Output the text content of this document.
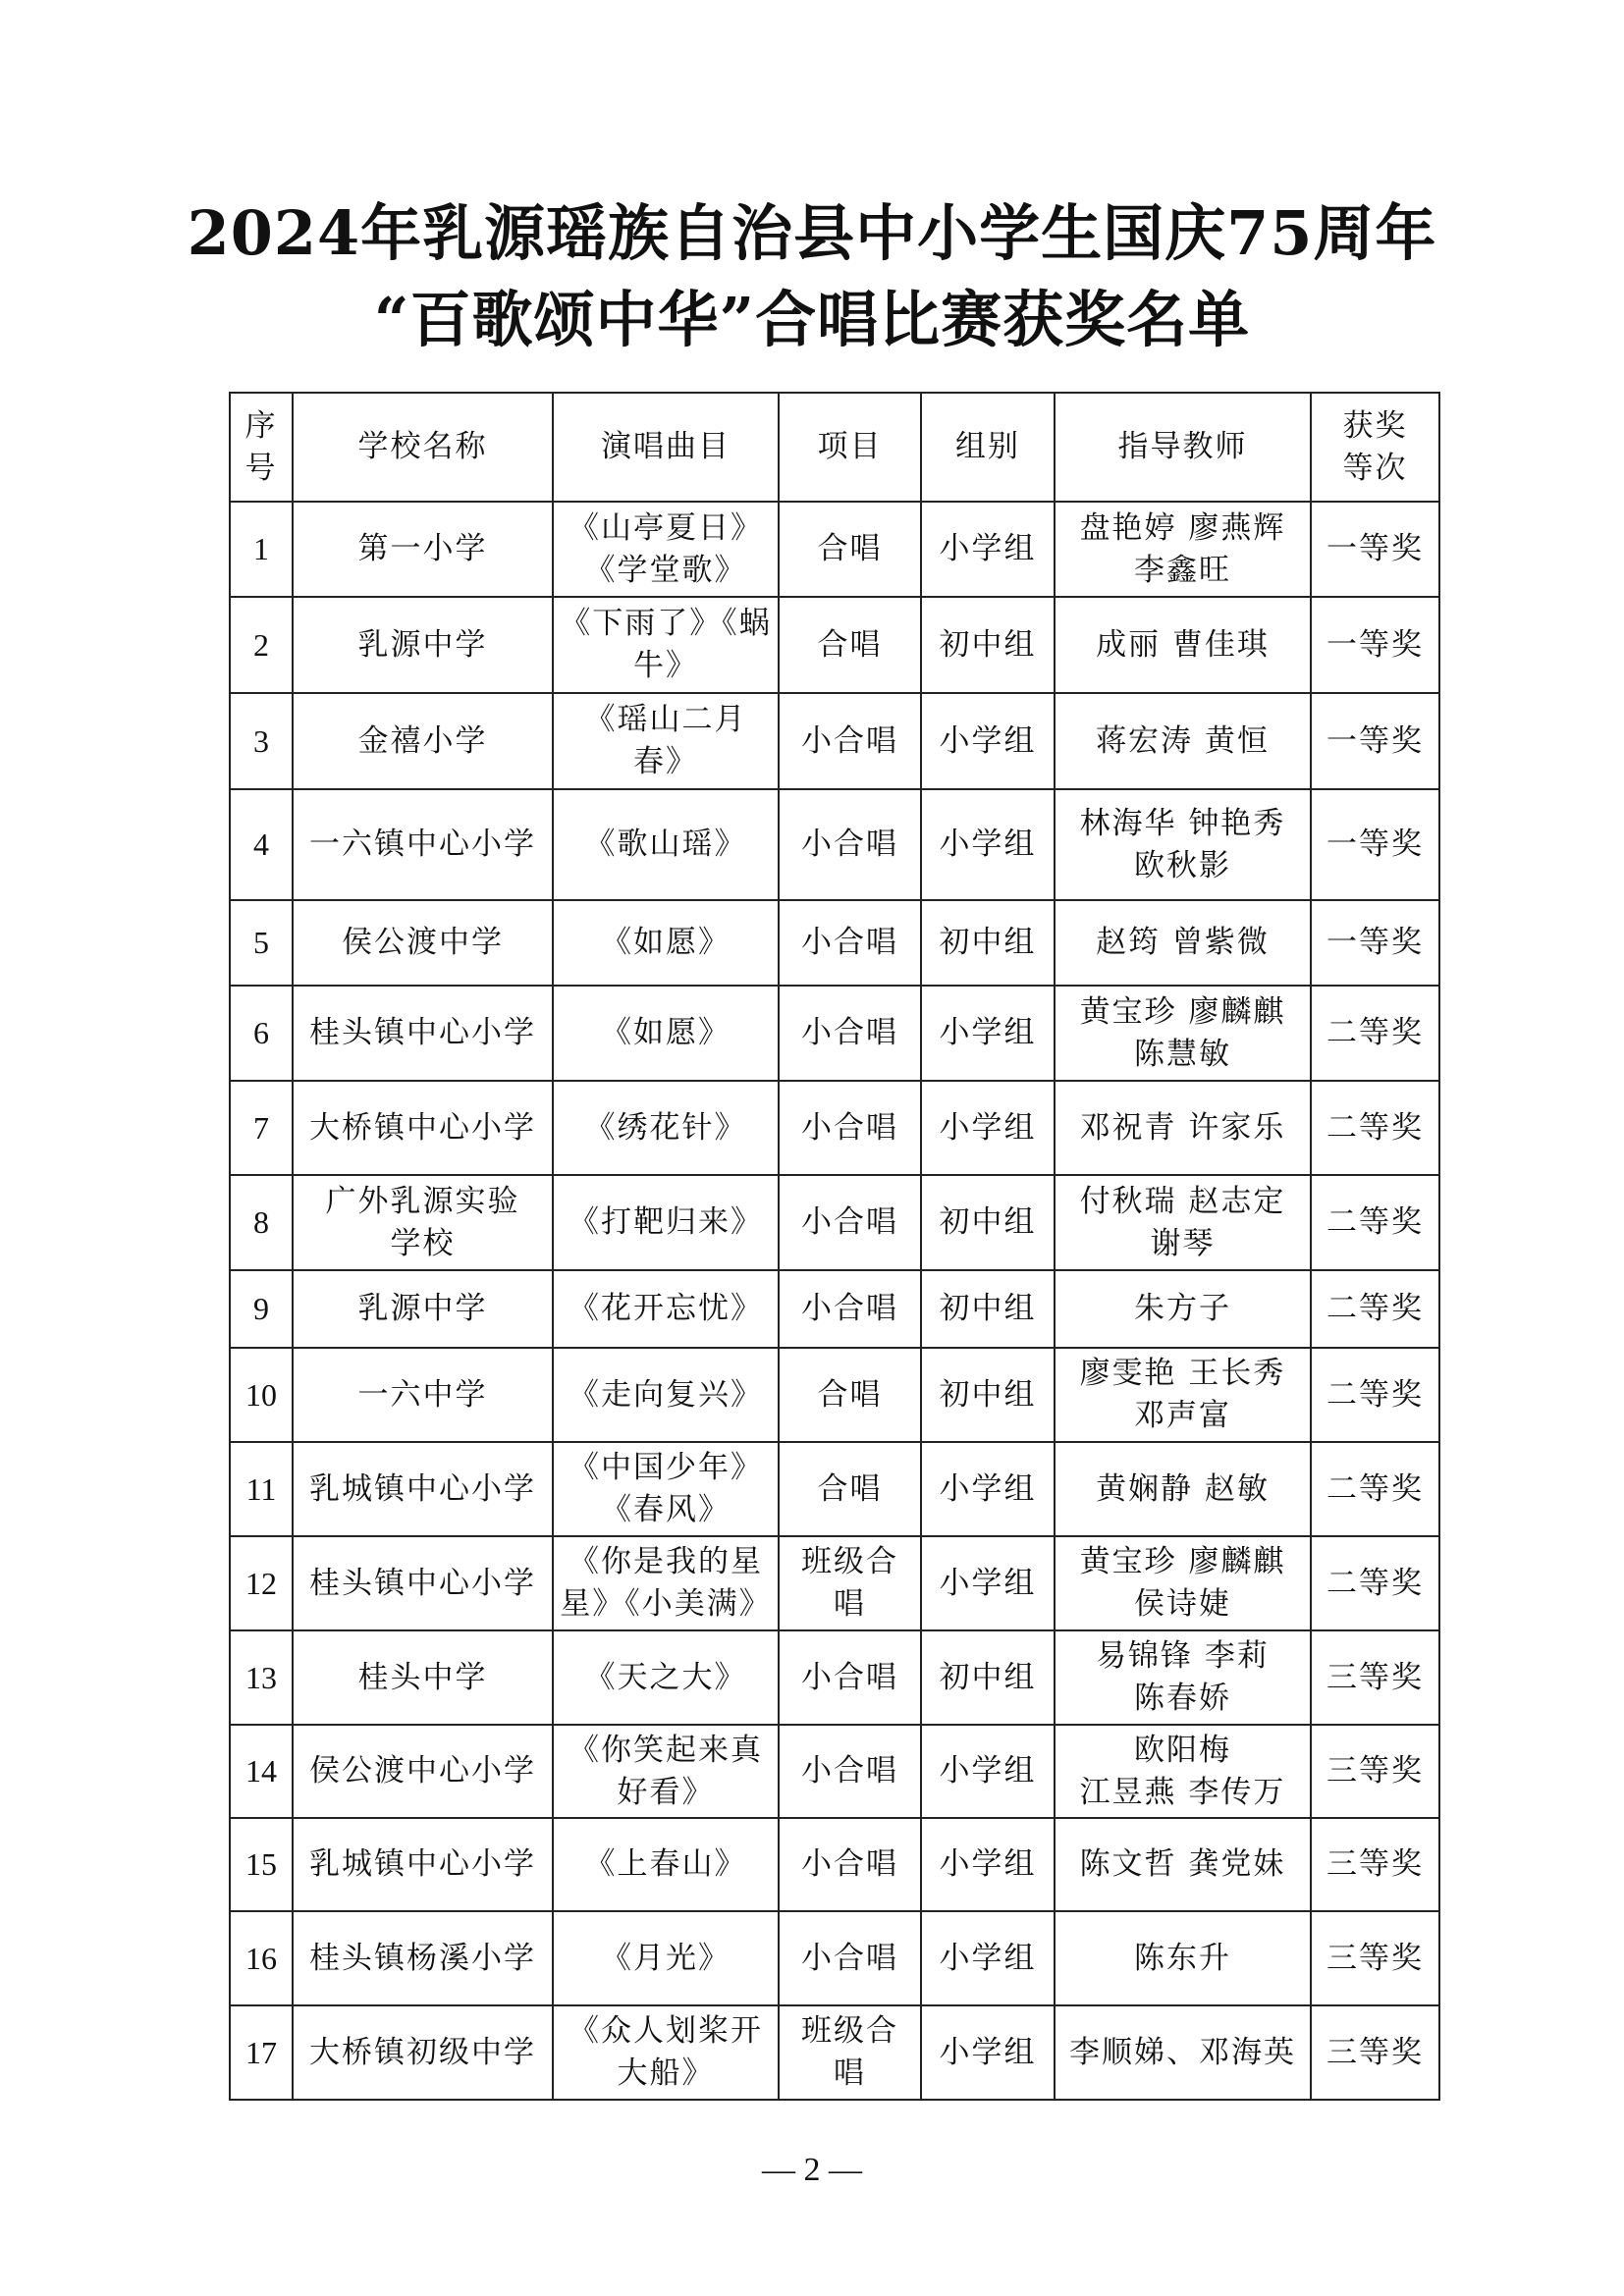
2024年乳源瑶族自治县中小学生国庆75周年
“百歌颂中华”合唱比赛获奖名单
序
号	学校名称	演唱曲目	项目	组别	指导教师	获奖
等次

1	第一小学	《山亭夏日》
《学堂歌》	合唱	小学组	盘艳婷 廖燕辉
李鑫旺	一等奖
2	乳源中学	《下雨了》《蜗
牛》	合唱	初中组	成丽 曹佳琪	一等奖
3	金禧小学	《瑶山二月
春》	小合唱	小学组	蒋宏涛 黄恒	一等奖
4	一六镇中心小学	《歌山瑶》	小合唱	小学组	林海华 钟艳秀
欧秋影	一等奖
5	侯公渡中学	《如愿》	小合唱	初中组	赵筠 曾紫微	一等奖
6	桂头镇中心小学	《如愿》	小合唱	小学组	黄宝珍 廖麟麒
陈慧敏	二等奖
7	大桥镇中心小学	《绣花针》	小合唱	小学组	邓祝青 许家乐	二等奖
8	广外乳源实验
学校	《打靶归来》	小合唱	初中组	付秋瑞 赵志定
谢琴	二等奖
9	乳源中学	《花开忘忧》	小合唱	初中组	朱方子	二等奖
10	一六中学	《走向复兴》	合唱	初中组	廖雯艳 王长秀
邓声富	二等奖
11	乳城镇中心小学	《中国少年》
《春风》	合唱	小学组	黄娴静 赵敏	二等奖
12	桂头镇中心小学	《你是我的星
星》《小美满》	班级合
唱	小学组	黄宝珍 廖麟麒
侯诗婕	二等奖
13	桂头中学	《天之大》	小合唱	初中组	易锦锋 李莉
陈春娇	三等奖
14	侯公渡中心小学	《你笑起来真
好看》	小合唱	小学组	欧阳梅
江昱燕 李传万	三等奖
15	乳城镇中心小学	《上春山》	小合唱	小学组	陈文哲 龚党妹	三等奖
16	桂头镇杨溪小学	《月光》	小合唱	小学组	陈东升	三等奖
17	大桥镇初级中学	《众人划桨开
大船》	班级合
唱	小学组	李顺娣、邓海英	三等奖
— 2 —
